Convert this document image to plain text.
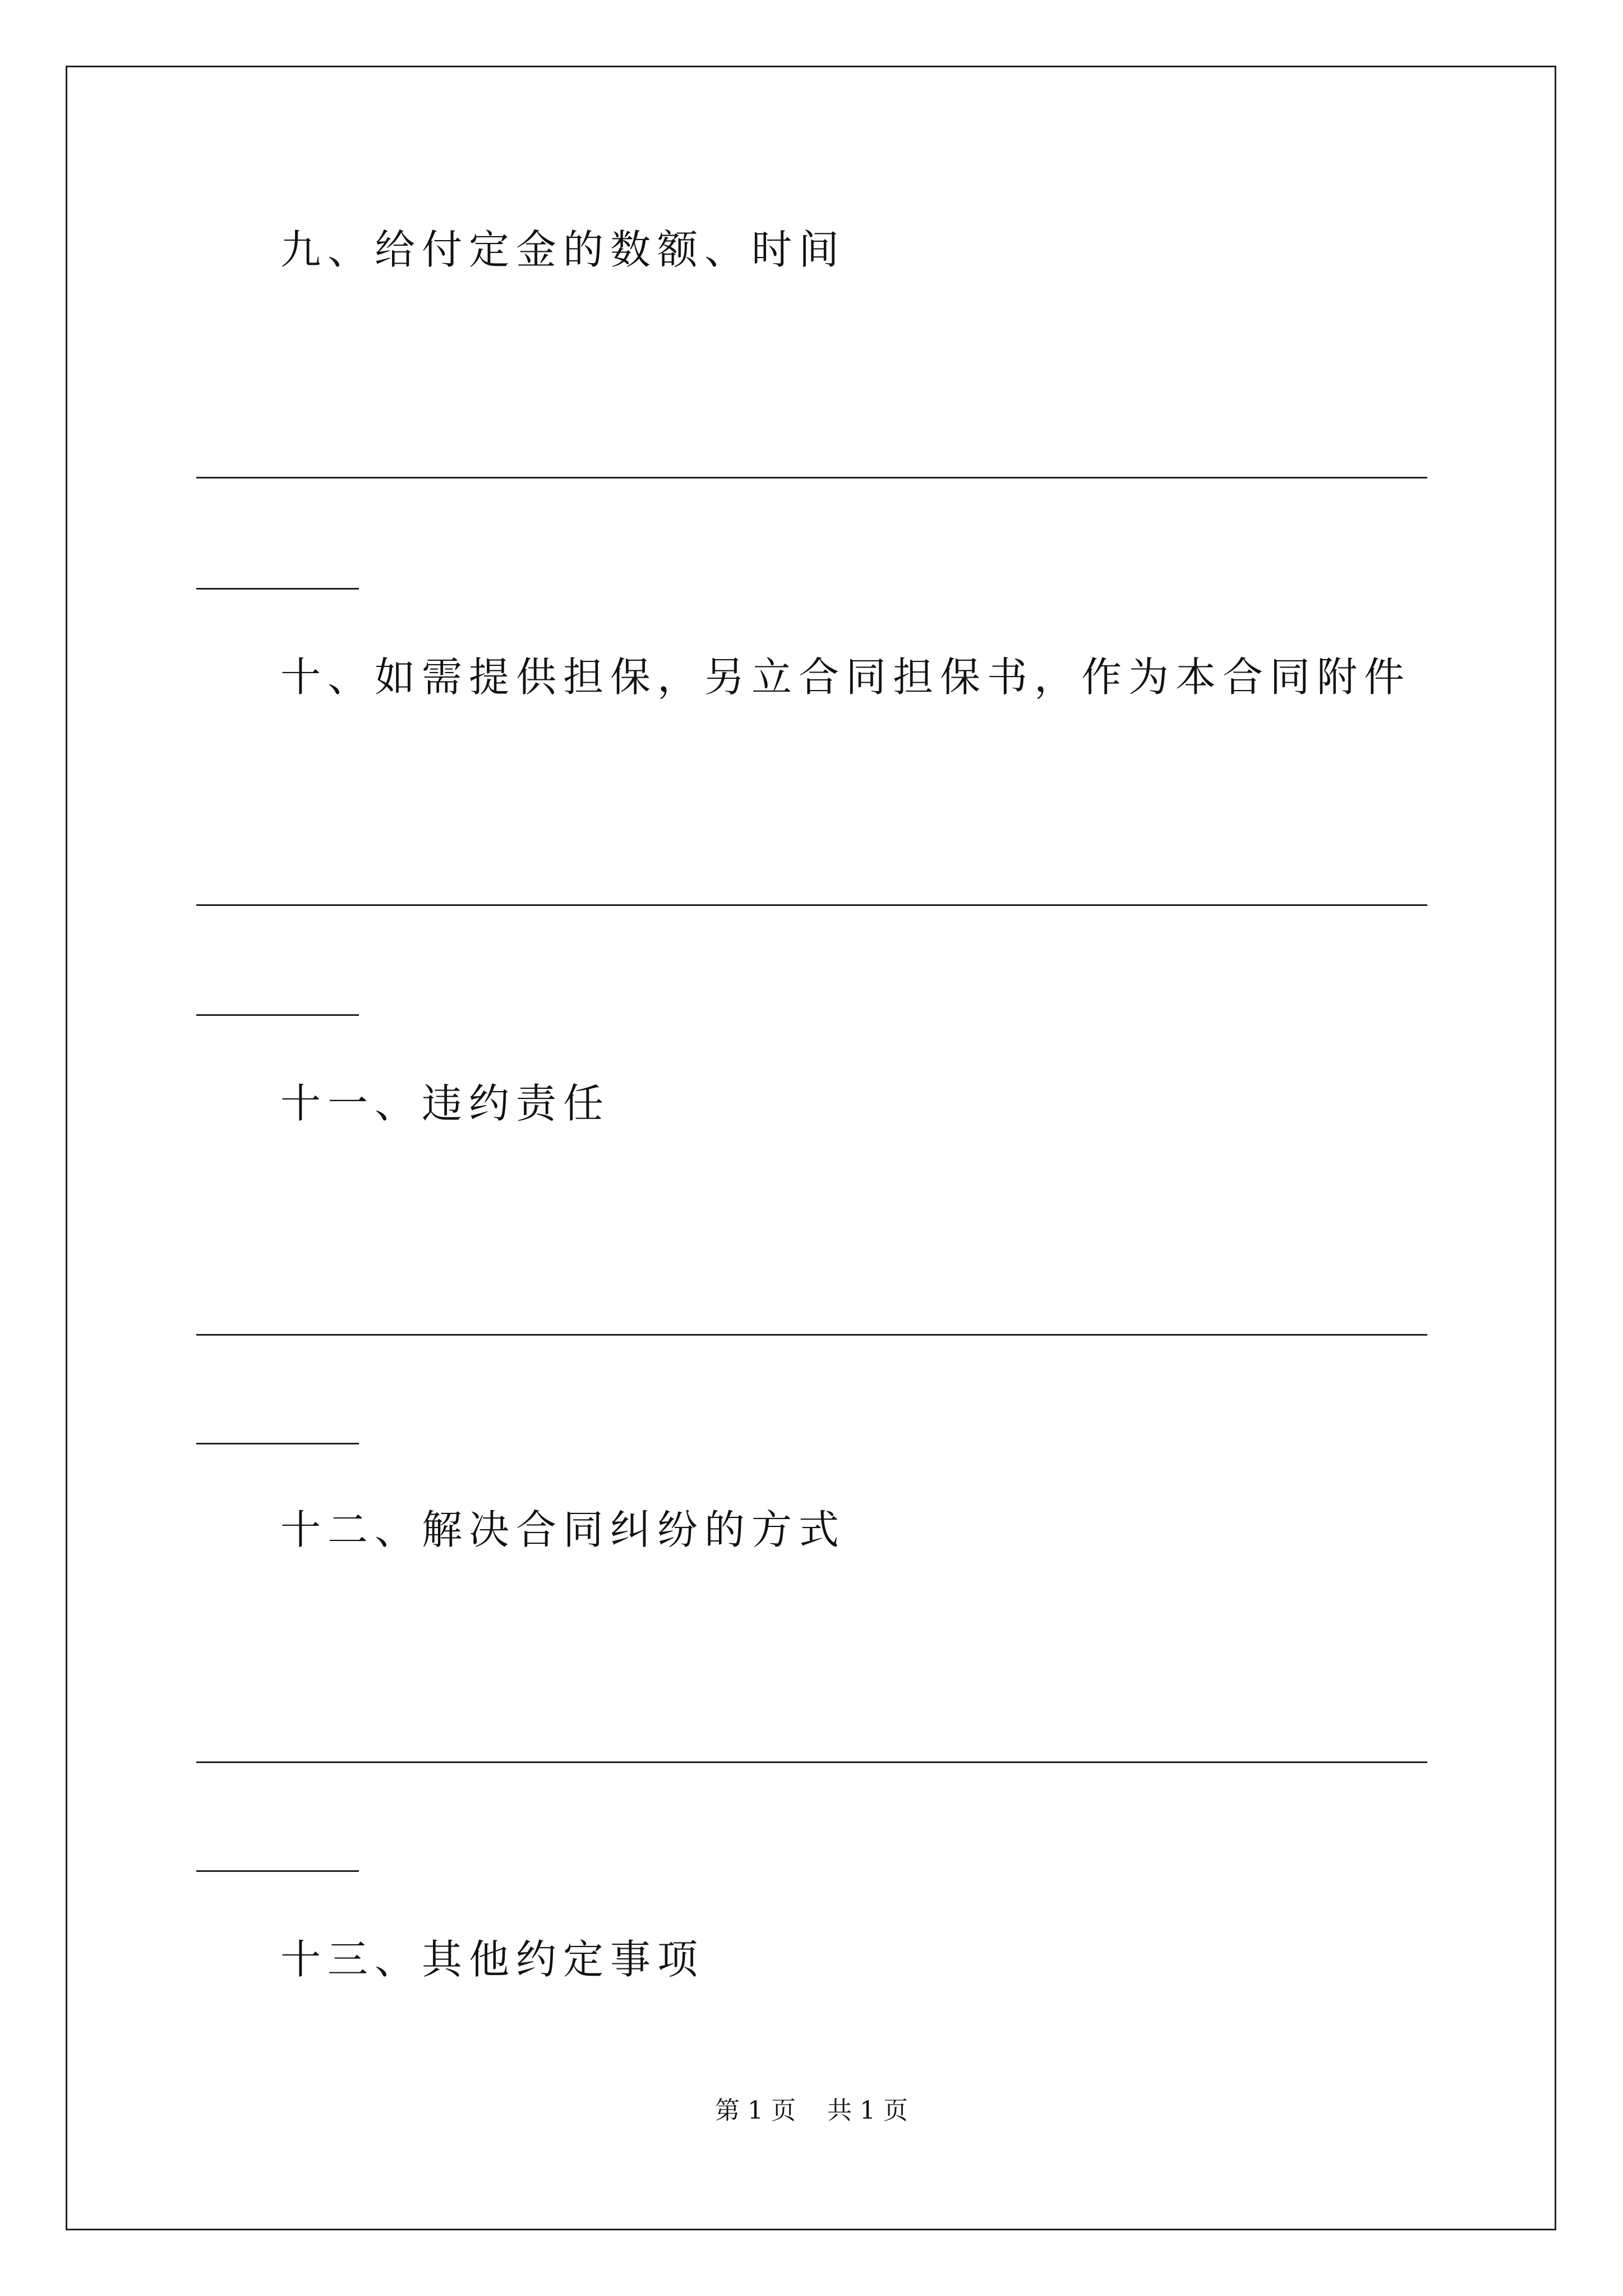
九、给付定金的数额、时间
十、如需提供担保，另立合同担保书，作为本合同附件
十一、违约责任
十二、解决合同纠纷的方式
十三、其他约定事项
第 1 页    共 1 页
